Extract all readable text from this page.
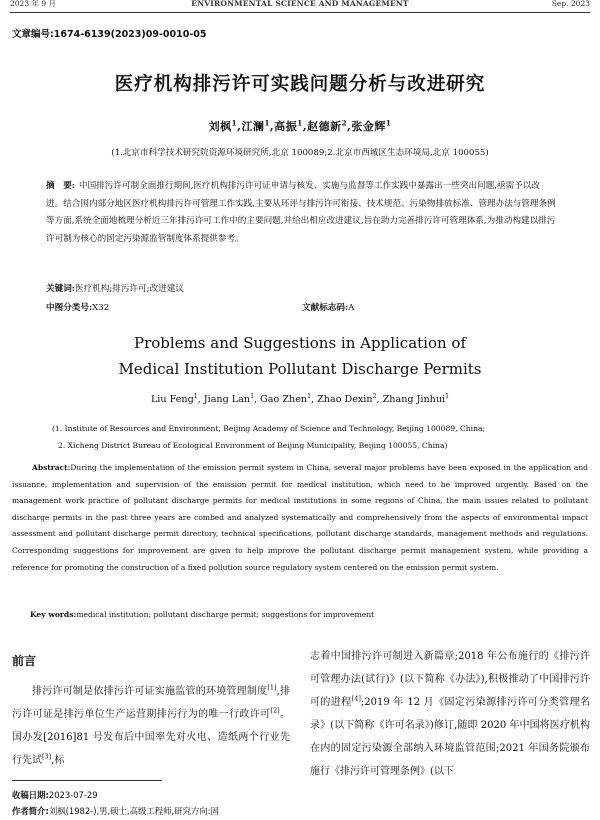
2023 年 9 月	ENVIRONMENTAL SCIENCE AND MANAGEMENT	Sep. 2023
文章编号:1674-6139(2023)09-0010-05
医疗机构排污许可实践问题分析与改进研究
刘枫$^1$,江澜$^1$,高振$^1$,赵德新$^2$,张金辉$^1$
(1.北京市科学技术研究院资源环境研究所,北京 100089;2.北京市西城区生态环境局,北京 100055)
摘　要: 中国排污许可制全面推行期间,医疗机构排污许可证申请与核发、实施与监督等工作实践中暴露出一些突出问题,亟需予以改进。结合国内部分地区医疗机构排污许可管理工作实践,主要从环评与排污许可衔接、技术规范、污染物排放标准、管理办法与管理条例等方面,系统全面地梳理分析近三年排污许可工作中的主要问题,并给出相应改进建议,旨在助力完善排污许可管理体系,为推动构建以排污许可制为核心的固定污染源监管制度体系提供参考。
关键词:医疗机构;排污许可;改进建议
中图分类号:X32	文献标志码:A
Problems and Suggestions in Application of
Medical Institution Pollutant Discharge Permits
Liu Feng$^1$, Jiang Lan$^1$, Gao Zhen$^1$, Zhao Dexin$^2$, Zhang Jinhui$^1$
(1. Institute of Resources and Environment, Beijing Academy of Science and Technology, Beijing 100089, China;
2. Xicheng District Bureau of Ecological Environment of Beijing Municipality, Beijing 100055, China)

Abstract:During the implementation of the emission permit system in China, several major problems have been exposed in the application and issuance, implementation and supervision of the emission permit for medical institution, which need to be improved urgently. Based on the management work practice of pollutant discharge permits for medical institutions in some regions of China, the main issues related to pollutant discharge permits in the past three years are combed and analyzed systematically and comprehensively from the aspects of environmental impact assessment and pollutant discharge permit directory, technical specifications, pollutant discharge standards, management methods and regulations. Corresponding suggestions for improvement are given to help improve the pollutant discharge permit management system, while providing a reference for promoting the construction of a fixed pollution source regulatory system centered on the emission permit system.

Key words:medical institution; pollutant discharge permit; suggestions for improvement
前言

排污许可制是依排污许可证实施监管的环境管理制度[1],排污许可证是排污单位生产运营期排污行为的唯一行政许可[2]。国办发[2016]81 号发布后中国率先对火电、造纸两个行业先行先试[3],标

志着中国排污许可制进入新篇章;2018 年公布施行的《排污许可管理办法(试行)》(以下简称《办法》),积极推动了中国排污许可的进程[4];2019 年 12 月《固定污染源排污许可分类管理名录》(以下简称《许可名录》)修订,随即 2020 年中国将医疗机构在内的固定污染源全部纳入环境监管范围;2021 年国务院颁布施行《排污许可管理条例》(以下

收稿日期:2023-07-29
作者简介:刘枫(1982-),男,硕士,高级工程师,研究方向:固
